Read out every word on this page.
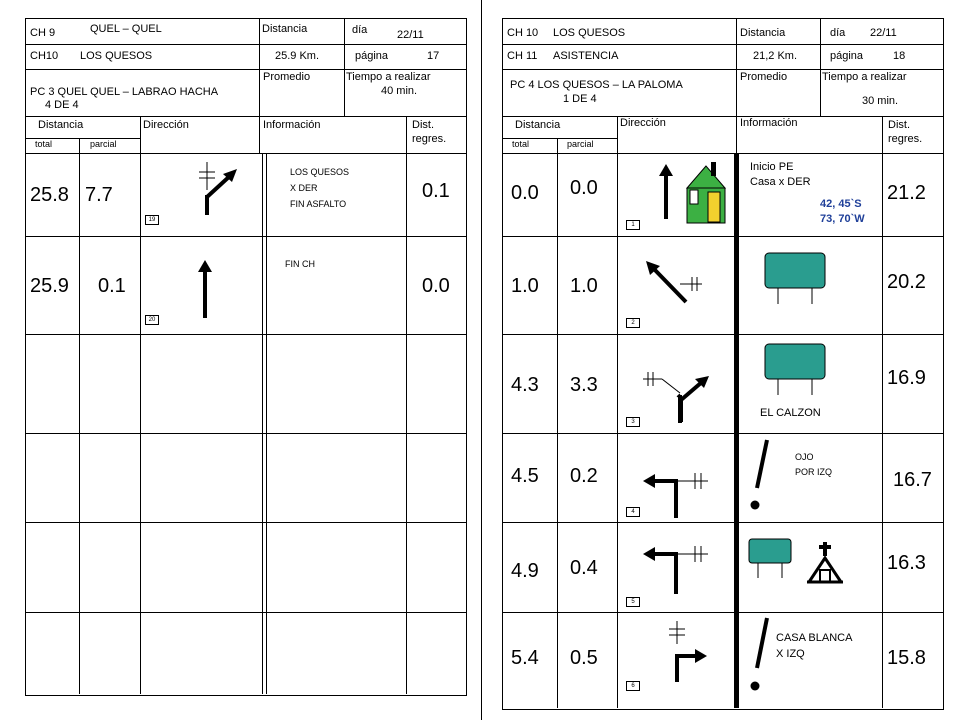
CH 9	QUEL – QUEL
CH10 LOS QUESOS
Distancia
25.9 Km.
día	22/11
página	17
PC 3 QUEL QUEL – LABRAO HACHA
4 DE 4
Promedio	Tiempo a realizar
40 min.
Distancia
total	parcial
Dirección	Información	Dist.
regres.
25.8 7.7	0.1
LOS QUESOS
X DER
FIN ASFALTO
19
25.9 0.1	0.0
FIN CH
20
CH 10 LOS QUESOS
CH 11 ASISTENCIA
Distancia
21,2 Km.
día 22/11
página	18
PC 4 LOS QUESOS – LA PALOMA
1 DE 4
Promedio	Tiempo a realizar
30 min.
Distancia
total	parcial
Dirección	Información	Dist.
regres.
0.0 0.0	21.2
Inicio PE
Casa x DER
42, 45`S
73, 70`W
1
1.0 1.0	20.2
2
4.3 3.3	16.9
EL CALZON
3
4.5 0.2	16.7
OJO
POR IZQ
4
4.9 0.4	16.3
5
5.4 0.5	15.8
CASA BLANCA
X IZQ
6
